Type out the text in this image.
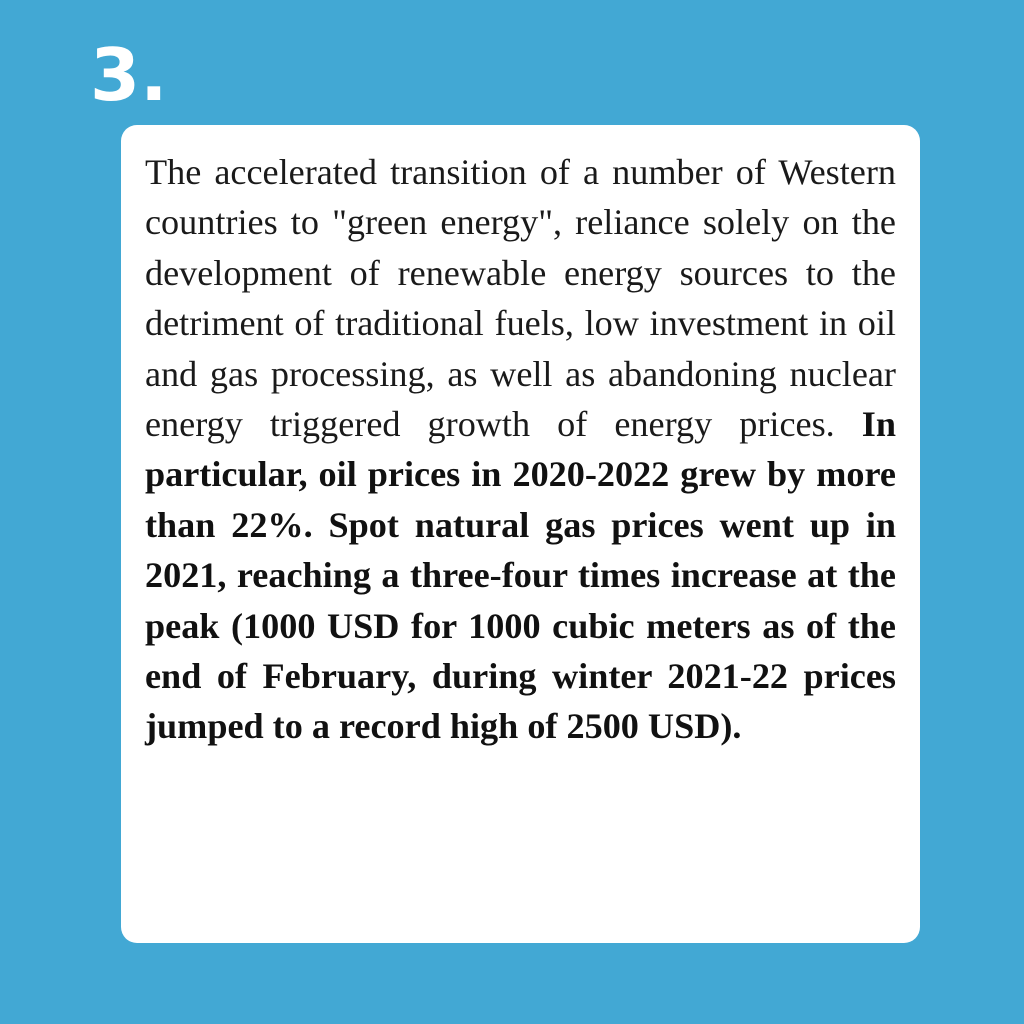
3.

The accelerated transition of a number of Western countries to "green energy", reliance solely on the development of renewable energy sources to the detriment of traditional fuels, low investment in oil and gas processing, as well as abandoning nuclear energy triggered growth of energy prices. In particular, oil prices in 2020-2022 grew by more than 22%. Spot natural gas prices went up in 2021, reaching a three-four times increase at the peak (1000 USD for 1000 cubic meters as of the end of February, during winter 2021-22 prices jumped to a record high of 2500 USD).
